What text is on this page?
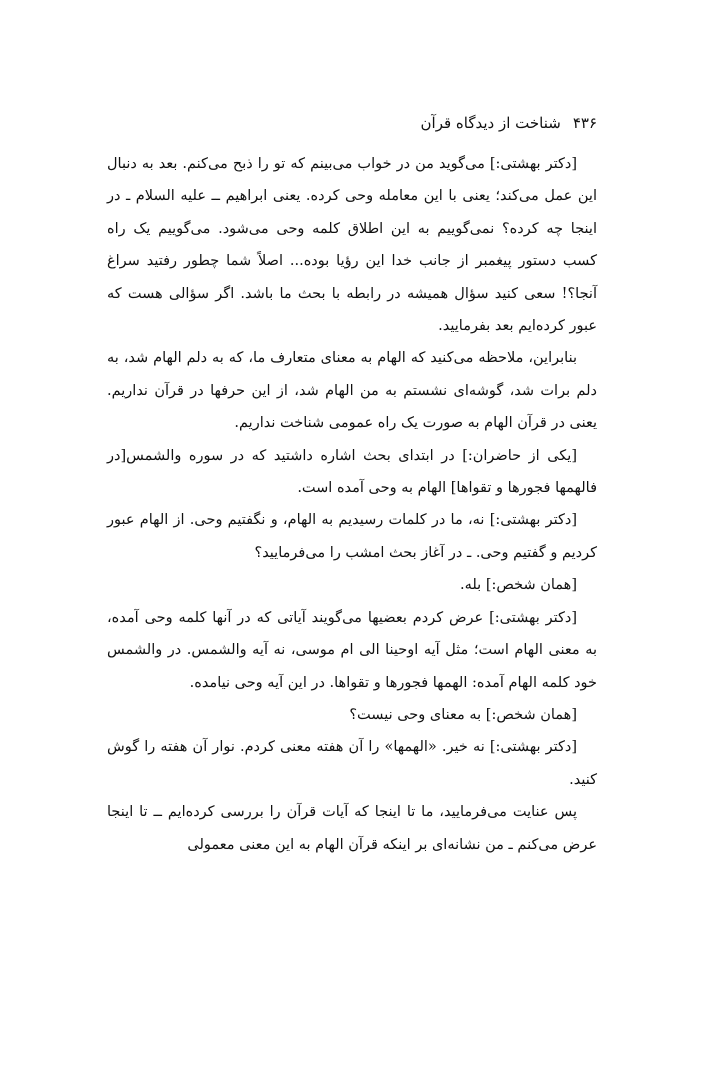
۴۳۶
شناخت از دیدگاه قرآن

[دکتر بهشتی:] می‌گوید من در خواب می‌بینم که تو را ذبح می‌کنم. بعد به دنبال این عمل می‌کند؛ یعنی با این معامله وحی کرده. یعنی ابراهیم ــ علیه السلام ـ در اینجا چه کرده؟ نمی‌گوییم به این اطلاق کلمه وحی می‌شود. می‌گوییم یک راه کسب دستور پیغمبر از جانب خدا این رؤیا بوده... اصلاً شما چطور رفتید سراغ آنجا؟! سعی کنید سؤال همیشه در رابطه با بحث ما باشد. اگر سؤالی هست که عبور کرده‌ایم بعد بفرمایید.

بنابراین، ملاحظه می‌کنید که الهام به معنای متعارف ما، که به دلم الهام شد، به دلم برات شد، گوشه‌ای نشستم به من الهام شد، از این حرفها در قرآن نداریم. یعنی در قرآن الهام به صورت یک راه عمومی شناخت نداریم.

[یکی از حاضران:] در ابتدای بحث اشاره داشتید که در سوره والشمس[در فالهمها فجورها و تقواها] الهام به وحی آمده است.

[دکتر بهشتی:] نه، ما در کلمات رسیدیم به الهام، و نگفتیم وحی. از الهام عبور کردیم و گفتیم وحی. ـ در آغاز بحث امشب را می‌فرمایید؟

[همان شخص:] بله.

[دکتر بهشتی:] عرض کردم بعضیها می‌گویند آیاتی که در آنها کلمه وحی آمده، به معنی الهام است؛ مثل آیه اوحینا الی ام موسی، نه آیه والشمس. در والشمس خود کلمه الهام آمده: الهمها فجورها و تقواها. در این آیه وحی نیامده.

[همان شخص:] به معنای وحی نیست؟

[دکتر بهشتی:] نه خیر. «الهمها» را آن هفته معنی کردم. نوار آن هفته را گوش کنید.

پس عنایت می‌فرمایید، ما تا اینجا که آیات قرآن را بررسی کرده‌ایم ــ تا اینجا عرض می‌کنم ـ من نشانه‌ای بر اینکه قرآن الهام به این معنی معمولی
